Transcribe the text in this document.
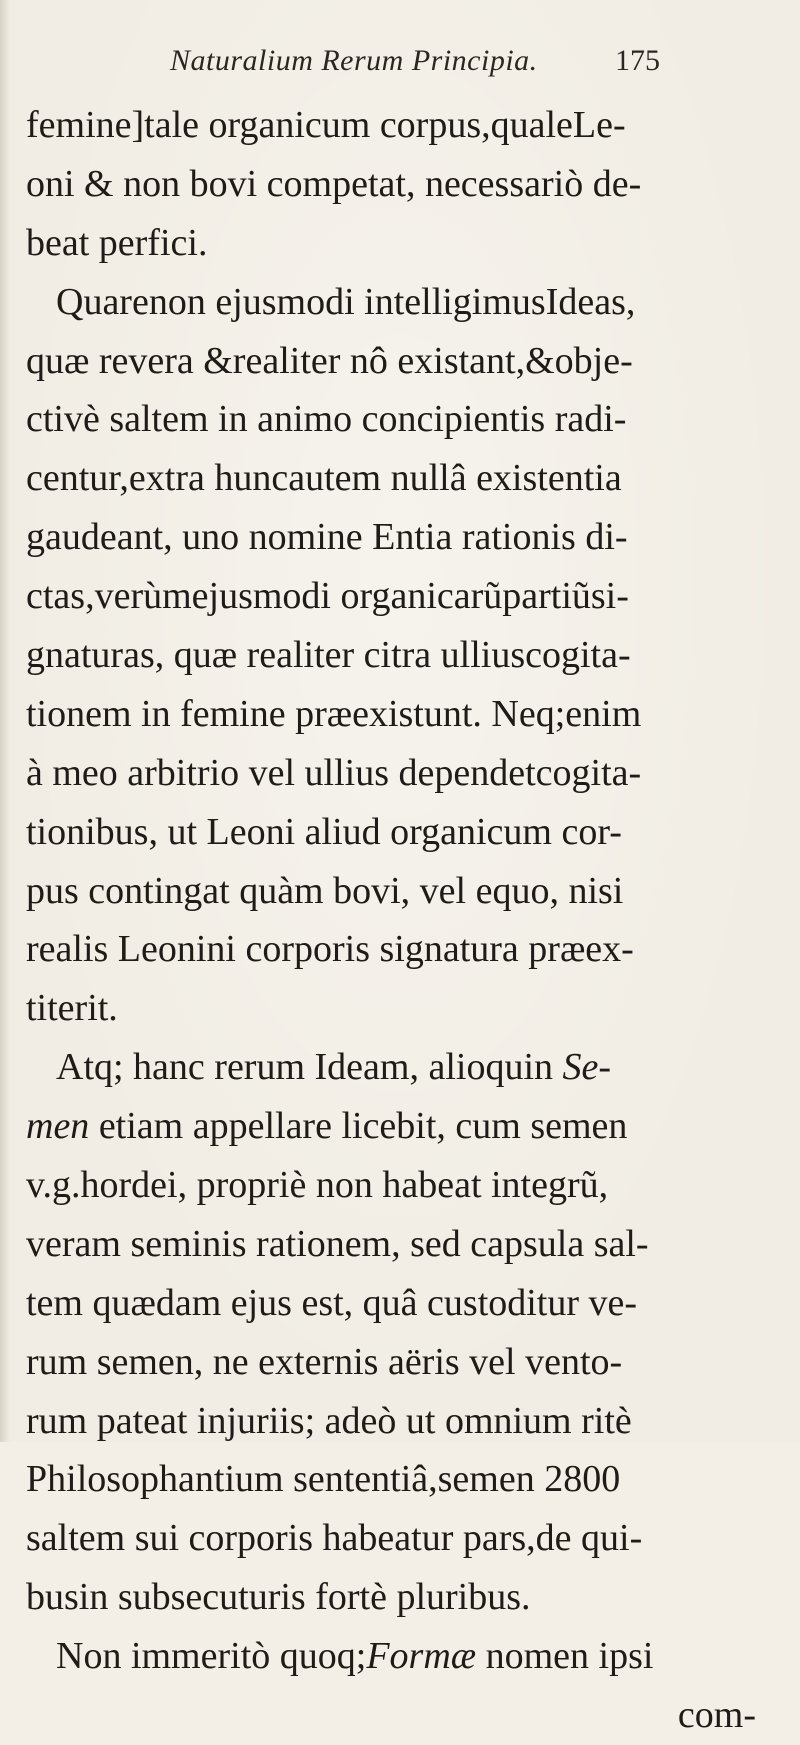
Naturalium Rerum Principia.	175
femine]tale organicum corpus,qualeLe-
oni & non bovi competat, necessariò de-
beat perfici.
Quarenon ejusmodi intelligimusIdeas,
quæ revera &realiter nô existant,&obje-
ctivè saltem in animo concipientis radi-
centur,extra huncautem nullâ existentia
gaudeant, uno nomine Entia rationis di-
ctas,verùmejusmodi organicarũpartiũsi-
gnaturas, quæ realiter citra ulliuscogita-
tionem in femine præexistunt. Neq;enim
à meo arbitrio vel ullius dependetcogita-
tionibus, ut Leoni aliud organicum cor-
pus contingat quàm bovi, vel equo, nisi
realis Leonini corporis signatura præex-
titerit.
Atq; hanc rerum Ideam, alioquin Se-
men etiam appellare licebit, cum semen
v.g.hordei, propriè non habeat integrũ,
veram seminis rationem, sed capsula sal-
tem quædam ejus est, quâ custoditur ve-
rum semen, ne externis aëris vel vento-
rum pateat injuriis; adeò ut omnium ritè
Philosophantium sententiâ,semen 2800
saltem sui corporis habeatur pars,de qui-
busin subsecuturis fortè pluribus.
Non immeritò quoq;Formæ nomen ipsi
com-
